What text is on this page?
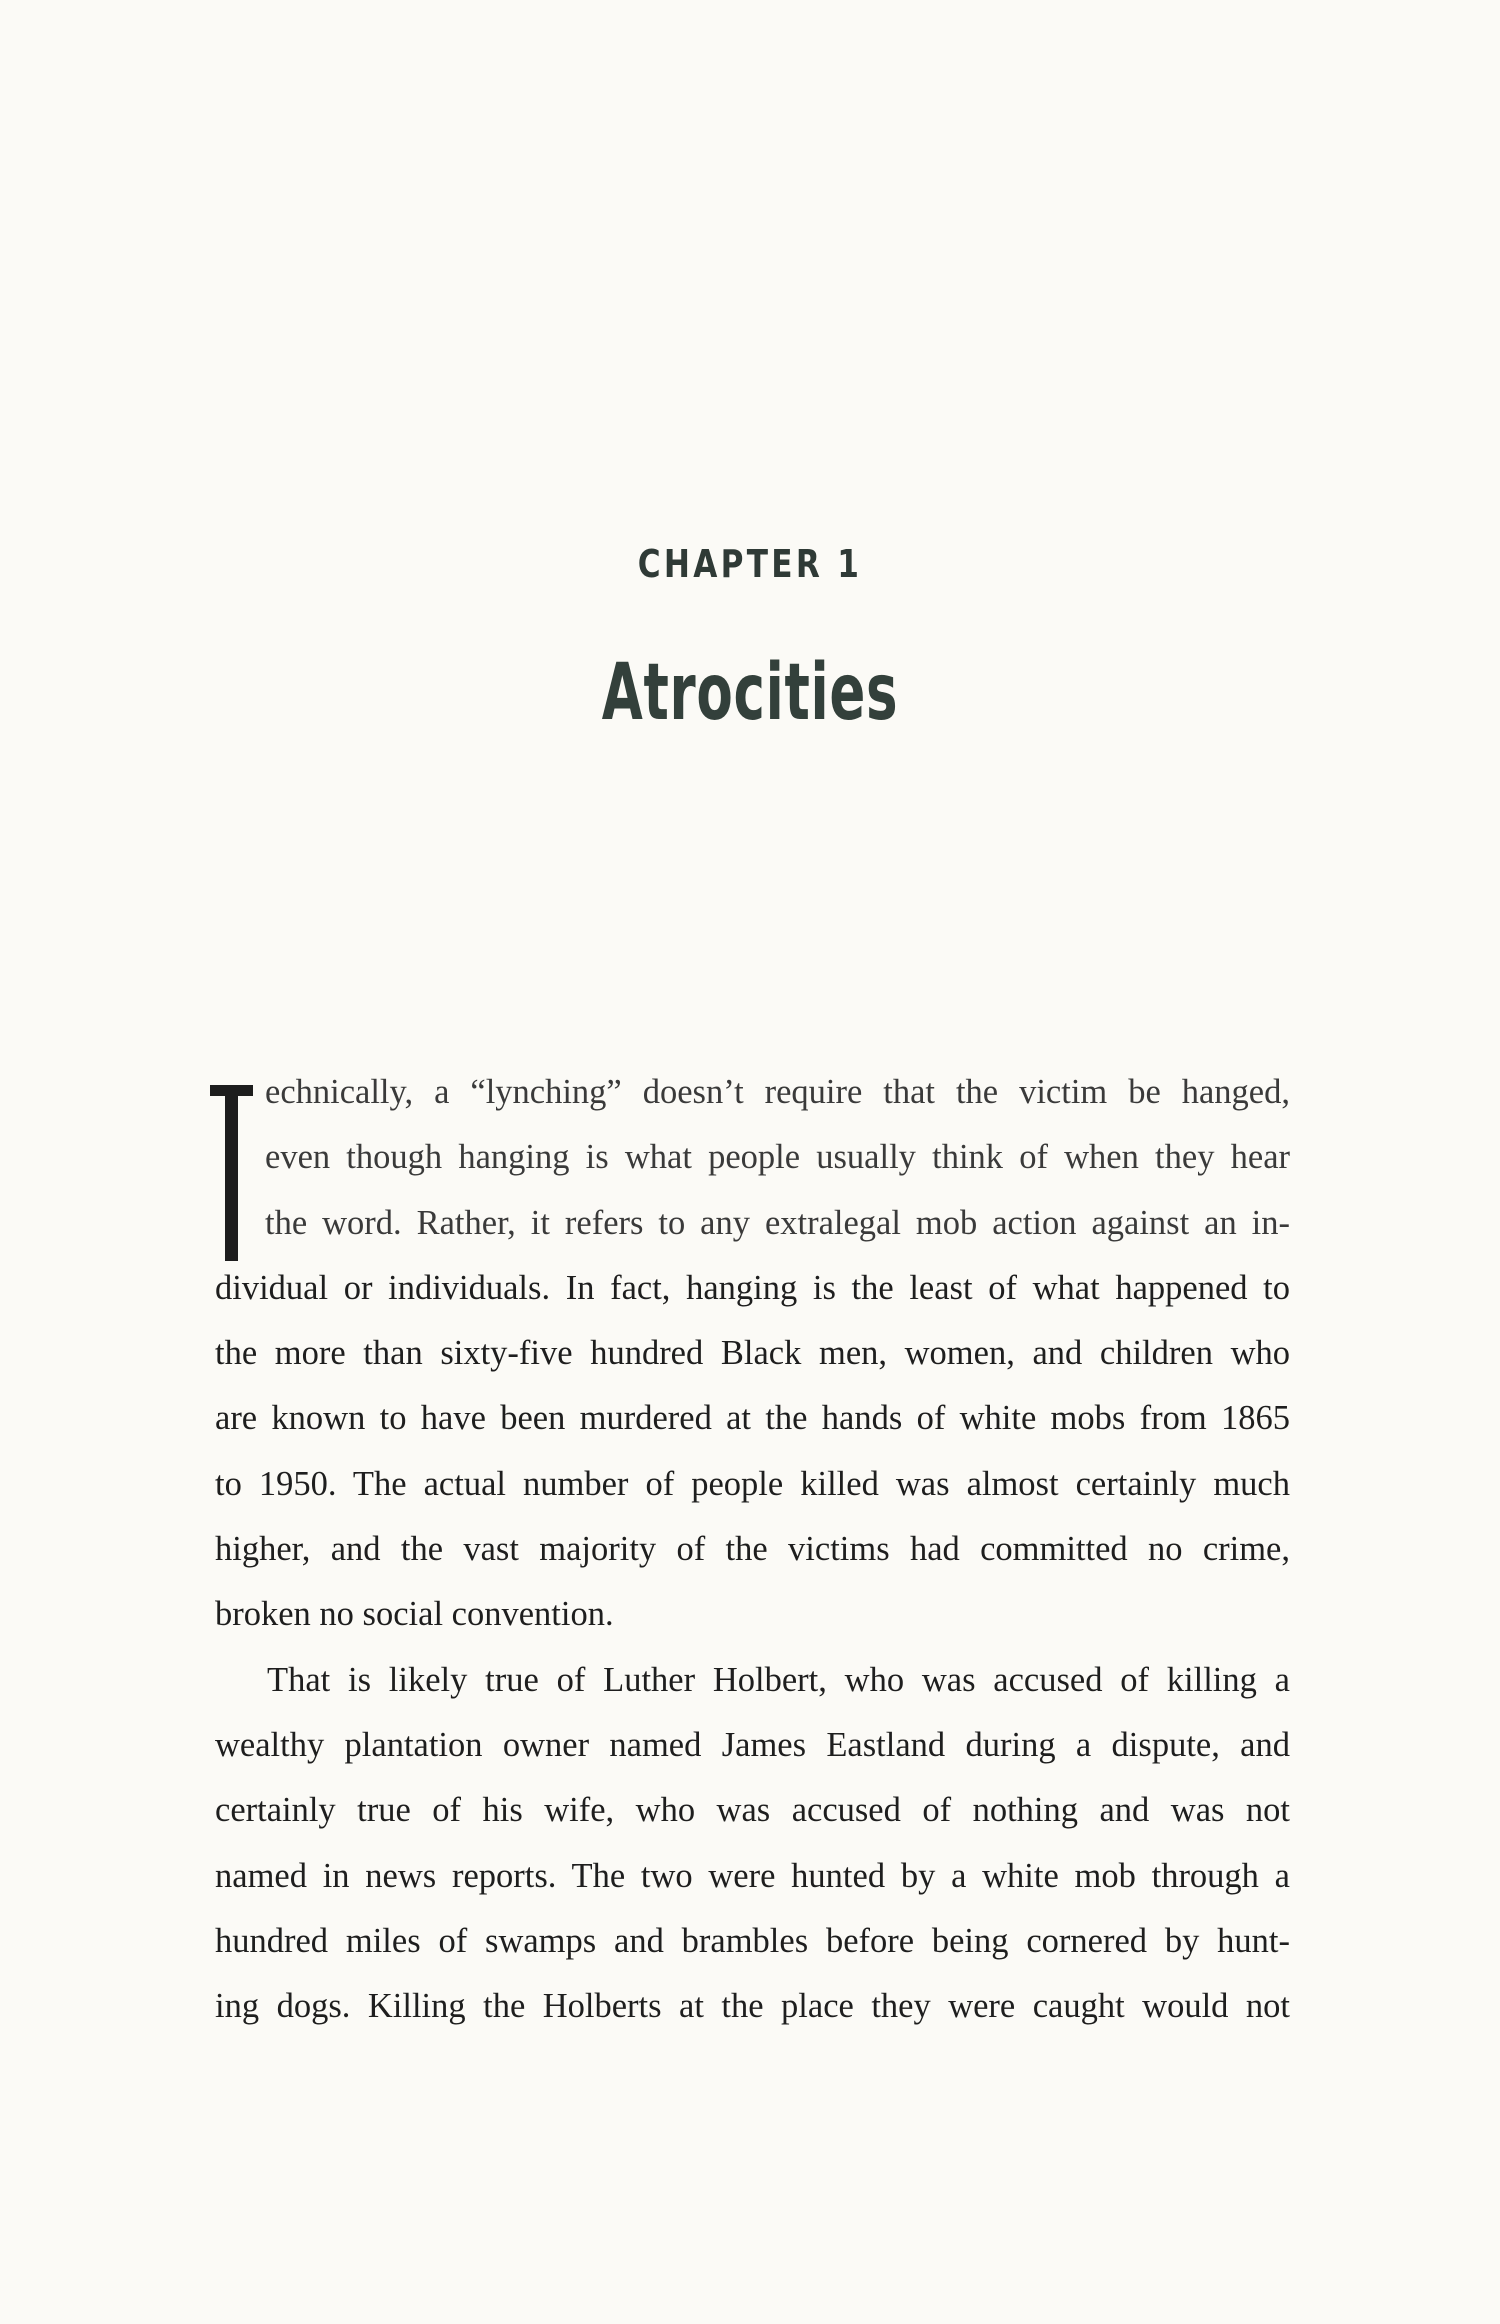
CHAPTER 1
Atrocities
echnically, a “lynching” doesn’t require that the victim be hanged,
even though hanging is what people usually think of when they hear
the word. Rather, it refers to any extralegal mob action against an in-
dividual or individuals. In fact, hanging is the least of what happened to
the more than sixty-five hundred Black men, women, and children who
are known to have been murdered at the hands of white mobs from 1865
to 1950. The actual number of people killed was almost certainly much
higher, and the vast majority of the victims had committed no crime,
broken no social convention.
That is likely true of Luther Holbert, who was accused of killing a
wealthy plantation owner named James Eastland during a dispute, and
certainly true of his wife, who was accused of nothing and was not
named in news reports. The two were hunted by a white mob through a
hundred miles of swamps and brambles before being cornered by hunt-
ing dogs. Killing the Holberts at the place they were caught would not
